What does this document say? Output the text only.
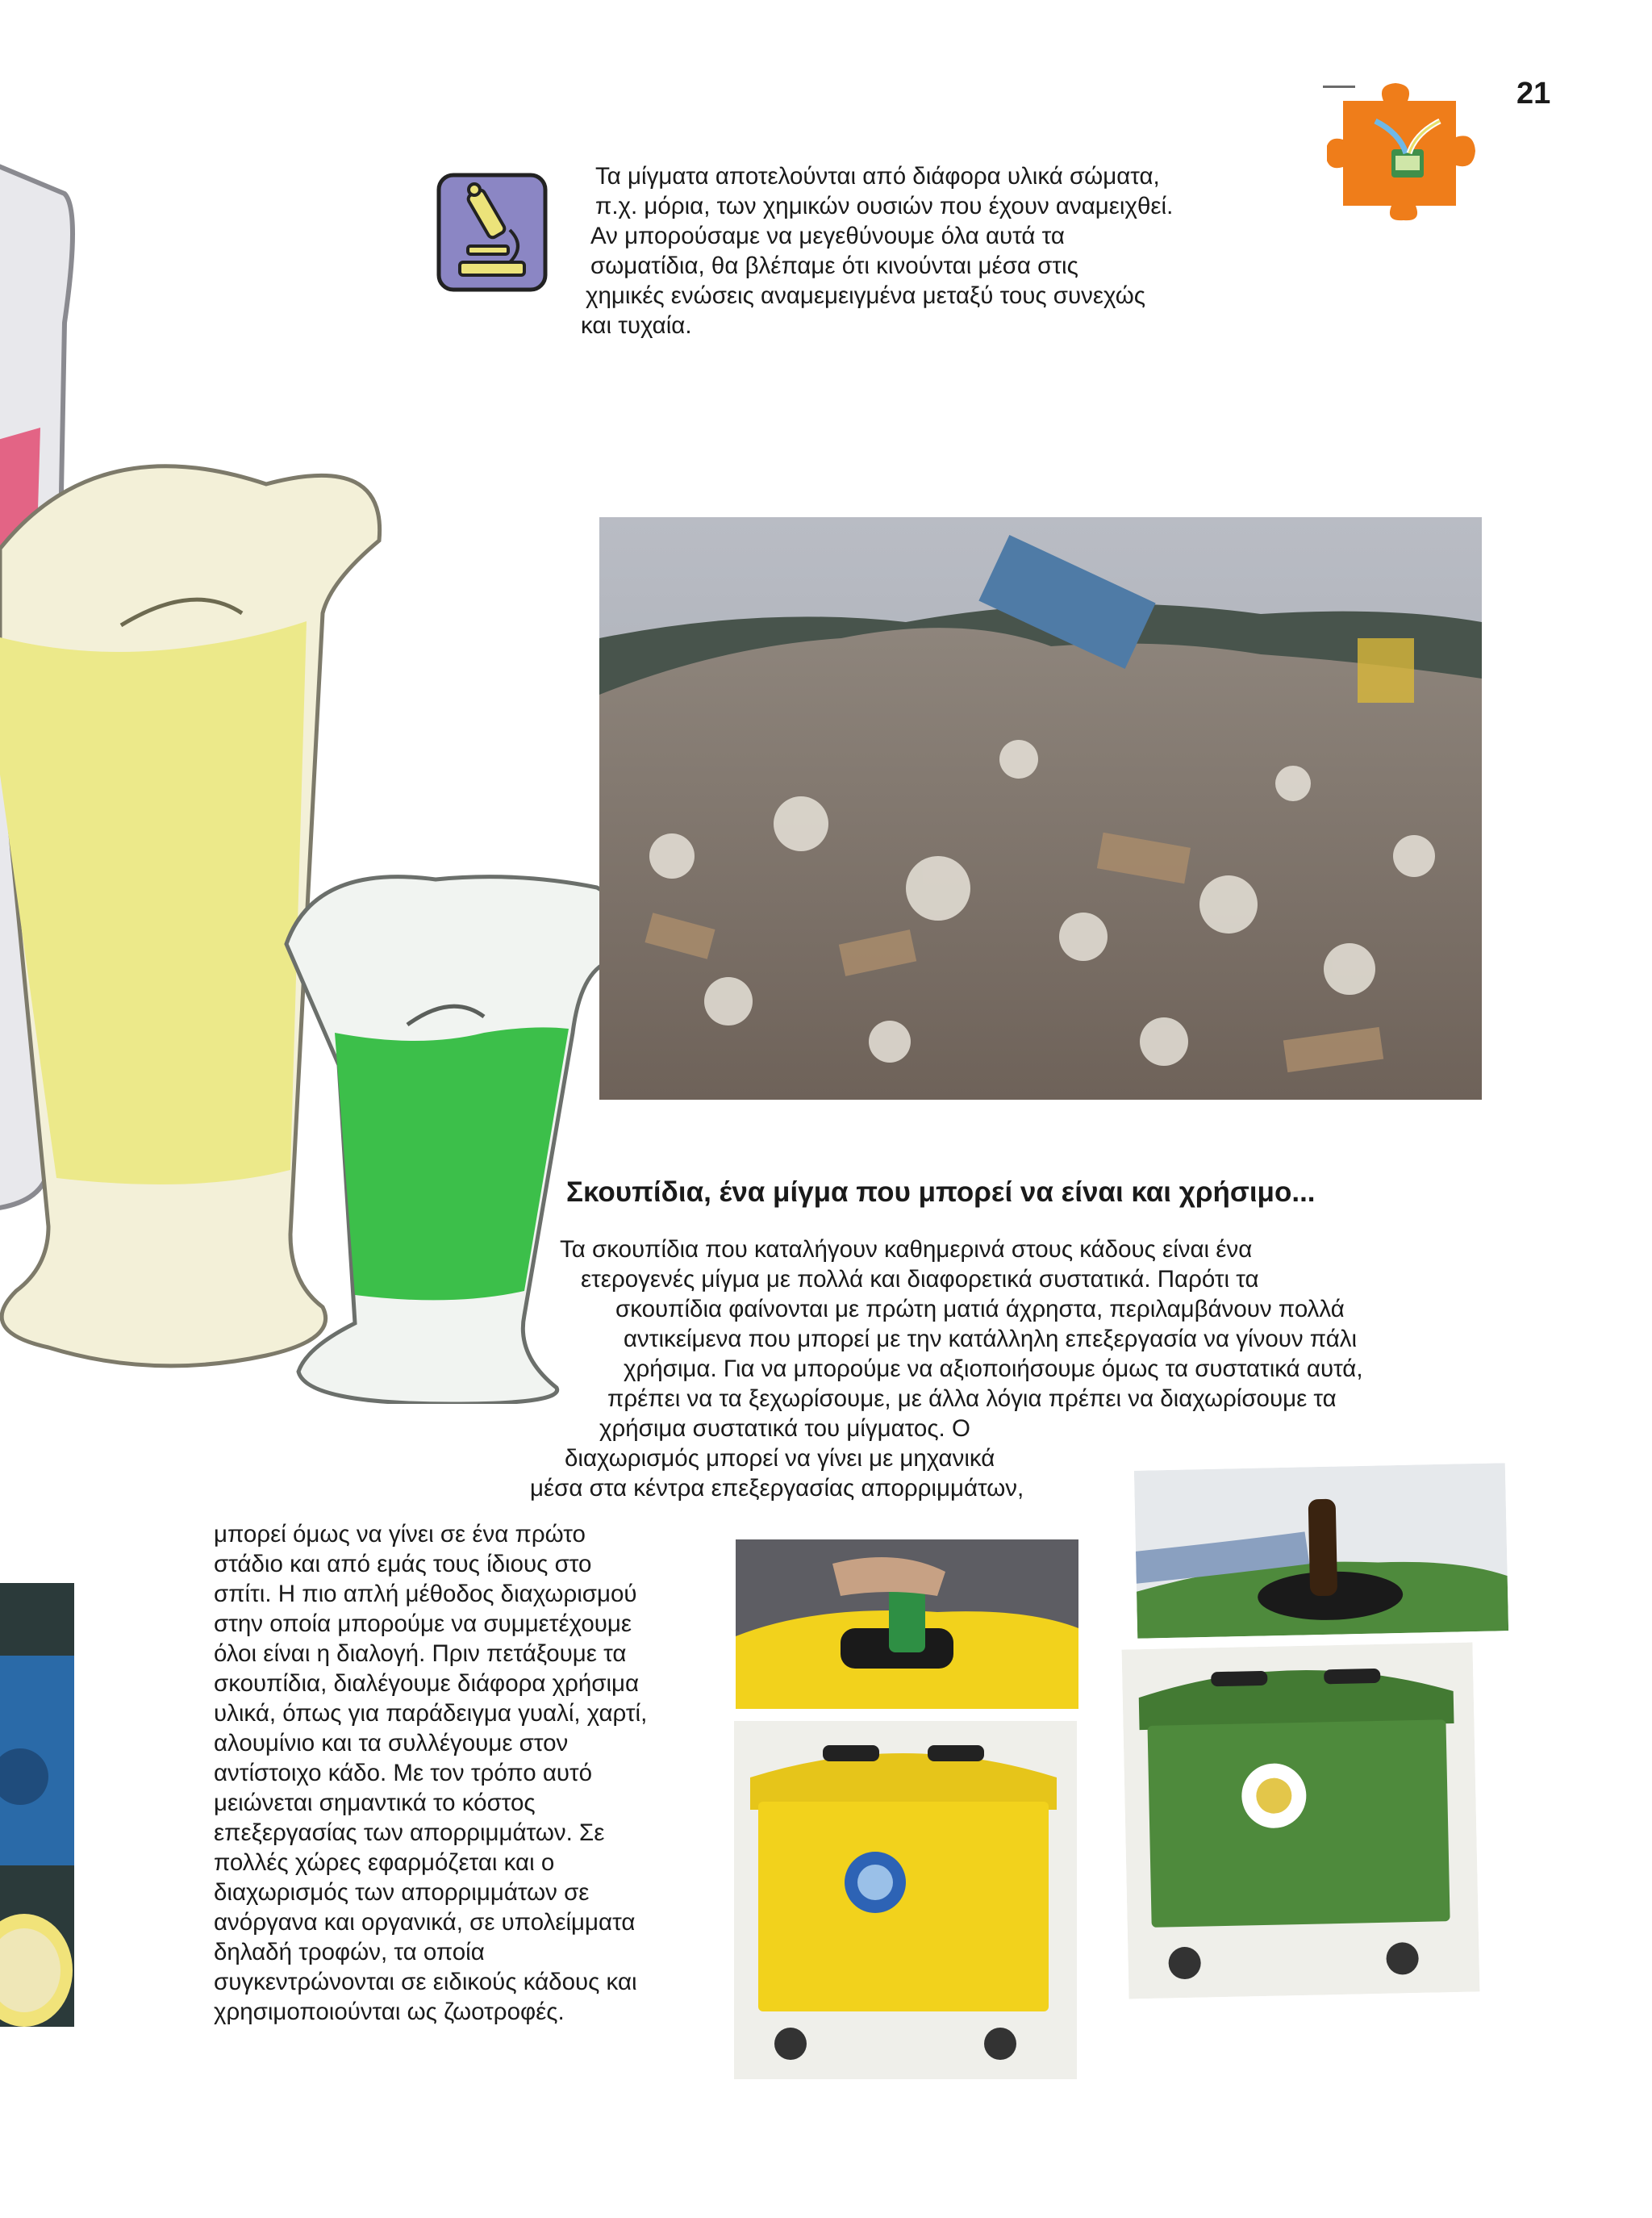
21
Τα μίγματα αποτελούνται από διάφορα υλικά σώματα,
π.χ. μόρια, των χημικών ουσιών που έχουν αναμειχθεί.
Αν μπορούσαμε να μεγεθύνουμε όλα αυτά τα
σωματίδια, θα βλέπαμε ότι κινούνται μέσα στις
χημικές ενώσεις αναμεμειγμένα μεταξύ τους συνεχώς
και τυχαία.
Σκουπίδια, ένα μίγμα που μπορεί να είναι και χρήσιμο...
Τα σκουπίδια που καταλήγουν καθημερινά στους κάδους είναι ένα
ετερογενές μίγμα με πολλά και διαφορετικά συστατικά. Παρότι τα
σκουπίδια φαίνονται με πρώτη ματιά άχρηστα, περιλαμβάνουν πολλά
αντικείμενα που μπορεί με την κατάλληλη επεξεργασία να γίνουν πάλι
χρήσιμα. Για να μπορούμε να αξιοποιήσουμε όμως τα συστατικά αυτά,
πρέπει να τα ξεχωρίσουμε, με άλλα λόγια πρέπει να διαχωρίσουμε τα
χρήσιμα συστατικά του μίγματος. Ο
διαχωρισμός μπορεί να γίνει με μηχανικά
μέσα στα κέντρα επεξεργασίας απορριμμάτων,
μπορεί όμως να γίνει σε ένα πρώτο
στάδιο και από εμάς τους ίδιους στο
σπίτι. Η πιο απλή μέθοδος διαχωρισμού
στην οποία μπορούμε να συμμετέχουμε
όλοι είναι η διαλογή. Πριν πετάξουμε τα
σκουπίδια, διαλέγουμε διάφορα χρήσιμα
υλικά, όπως για παράδειγμα γυαλί, χαρτί,
αλουμίνιο και τα συλλέγουμε στον
αντίστοιχο κάδο. Με τον τρόπο αυτό
μειώνεται σημαντικά το κόστος
επεξεργασίας των απορριμμάτων. Σε
πολλές χώρες εφαρμόζεται και ο
διαχωρισμός των απορριμμάτων σε
ανόργανα και οργανικά, σε υπολείμματα
δηλαδή τροφών, τα οποία
συγκεντρώνονται σε ειδικούς κάδους και
χρησιμοποιούνται ως ζωοτροφές.
